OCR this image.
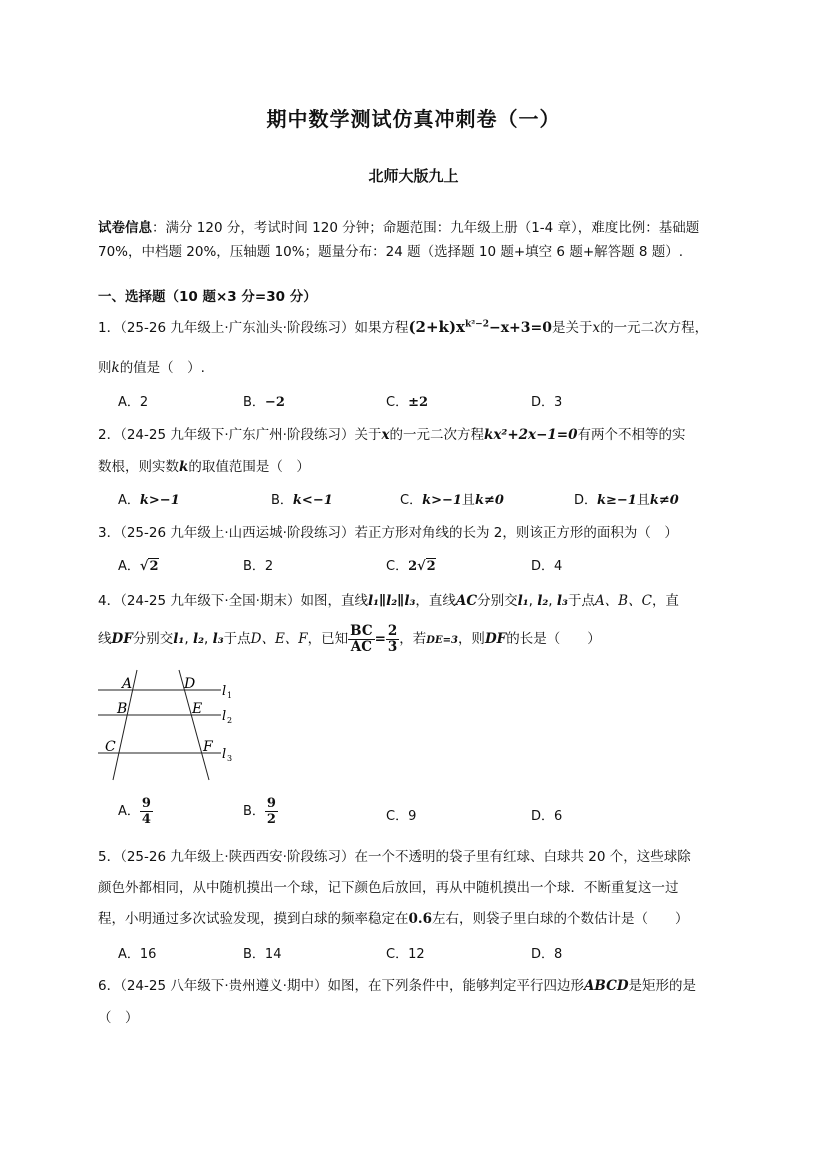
期中数学测试仿真冲刺卷（一）
北师大版九上
试卷信息：满分 120 分，考试时间 120 分钟；命题范围：九年级上册（1-4 章），难度比例：基础题
70%，中档题 20%，压轴题 10%；题量分布：24 题（选择题 10 题+填空 6 题+解答题 8 题）.
一、选择题（10 题×3 分=30 分）
1．（25-26 九年级上·广东汕头·阶段练习）如果方程$(2+k)x^{k^2-2}-x+3=0$是关于x的一元二次方程，
则k的值是（　）.
A．2	B．−2	C．±2	D．3
2．（24-25 九年级下·广东广州·阶段练习）关于x的一元二次方程kx²+2x−1=0有两个不相等的实
数根，则实数k的取值范围是（　）
A．k>−1	B．k<−1	C．k>−1且k≠0	D．k≥−1且k≠0
3．（25-26 九年级上·山西运城·阶段练习）若正方形对角线的长为 2，则该正方形的面积为（　）
A．√2	B．2	C．2√2	D．4
4．（24-25 九年级下·全国·期末）如图，直线l₁∥l₂∥l₃，直线AC分别交l₁, l₂, l₃于点A、B、C，直
线DF分别交l₁, l₂, l₃于点D、E、F，已知 $\frac{BC}{AC} = \frac{2}{3}$ ，若DE=3，则DF的长是（　　）
A	D
B	E
C	F
l 1
l 2
l 3
A． $\frac{9}{4}$	B． $\frac{9}{2}$	C．9	D．6
5．（25-26 九年级上·陕西西安·阶段练习）在一个不透明的袋子里有红球、白球共 20 个，这些球除
颜色外都相同，从中随机摸出一个球，记下颜色后放回，再从中随机摸出一个球．不断重复这一过
程，小明通过多次试验发现，摸到白球的频率稳定在0.6左右，则袋子里白球的个数估计是（　　）
A．16	B．14	C．12	D．8
6．（24-25 八年级下·贵州遵义·期中）如图，在下列条件中，能够判定平行四边形ABCD是矩形的是
（　）
